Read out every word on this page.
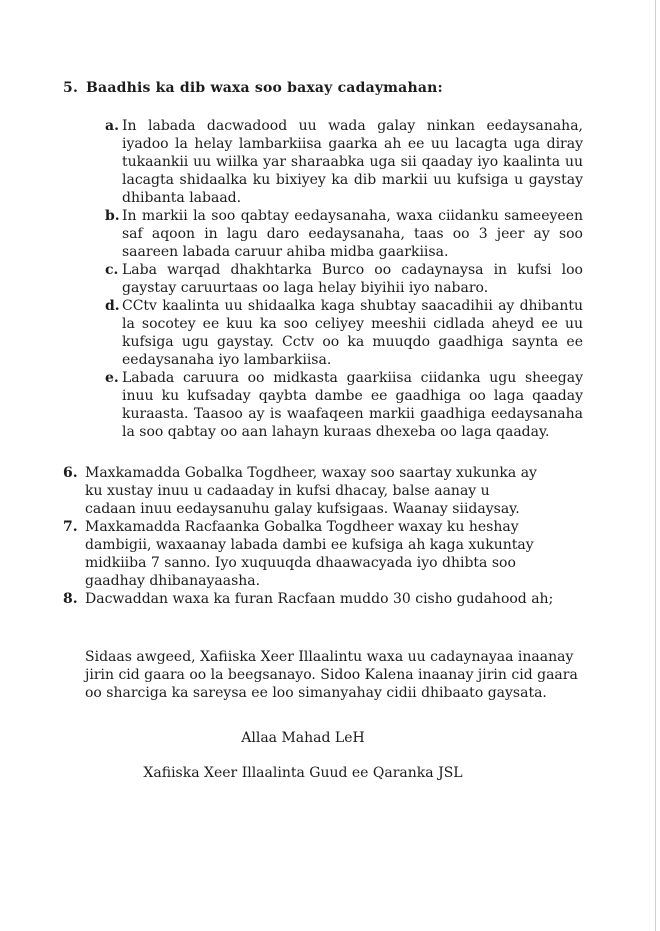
5. Baadhis ka dib waxa soo baxay cadaymahan:
a. In labada dacwadood uu wada galay ninkan eedaysanaha, iyadoo la helay lambarkiisa gaarka ah ee uu lacagta uga diray tukaankii uu wiilka yar sharaabka uga sii qaaday iyo kaalinta uu lacagta shidaalka ku bixiyey ka dib markii uu kufsiga u gaystay dhibanta labaad.
b. In markii la soo qabtay eedaysanaha, waxa ciidanku sameeyeen saf aqoon in lagu daro eedaysanaha, taas oo 3 jeer ay soo saareen labada caruur ahiba midba gaarkiisa.
c. Laba warqad dhakhtarka Burco oo cadaynaysa in kufsi loo gaystay caruurtaas oo laga helay biyihii iyo nabaro.
d. CCtv kaalinta uu shidaalka kaga shubtay saacadihii ay dhibantu la socotey ee kuu ka soo celiyey meeshii cidlada aheyd ee uu kufsiga ugu gaystay. Cctv oo ka muuqdo gaadhiga saynta ee eedaysanaha iyo lambarkiisa.
e. Labada caruura oo midkasta gaarkiisa ciidanka ugu sheegay inuu ku kufsaday qaybta dambe ee gaadhiga oo laga qaaday kuraasta. Taasoo ay is waafaqeen markii gaadhiga eedaysanaha la soo qabtay oo aan lahayn kuraas dhexeba oo laga qaaday.
6. Maxkamadda Gobalka Togdheer, waxay soo saartay xukunka ay ku xustay inuu u cadaaday in kufsi dhacay, balse aanay u cadaan inuu eedaysanuhu galay kufsigaas. Waanay siidaysay.
7. Maxkamadda Racfaanka Gobalka Togdheer waxay ku heshay dambigii, waxaanay labada dambi ee kufsiga ah kaga xukuntay midkiiba 7 sanno. Iyo xuquuqda dhaawacyada iyo dhibta soo gaadhay dhibanayaasha.
8. Dacwaddan waxa ka furan Racfaan muddo 30 cisho gudahood ah;
Sidaas awgeed, Xafiiska Xeer Illaalintu waxa uu cadaynayaa inaanay jirin cid gaara oo la beegsanayo. Sidoo Kalena inaanay jirin cid gaara oo sharciga ka sareysa ee loo simanyahay cidii dhibaato gaysata.
Allaa Mahad LeH
Xafiiska Xeer Illaalinta Guud ee Qaranka JSL
